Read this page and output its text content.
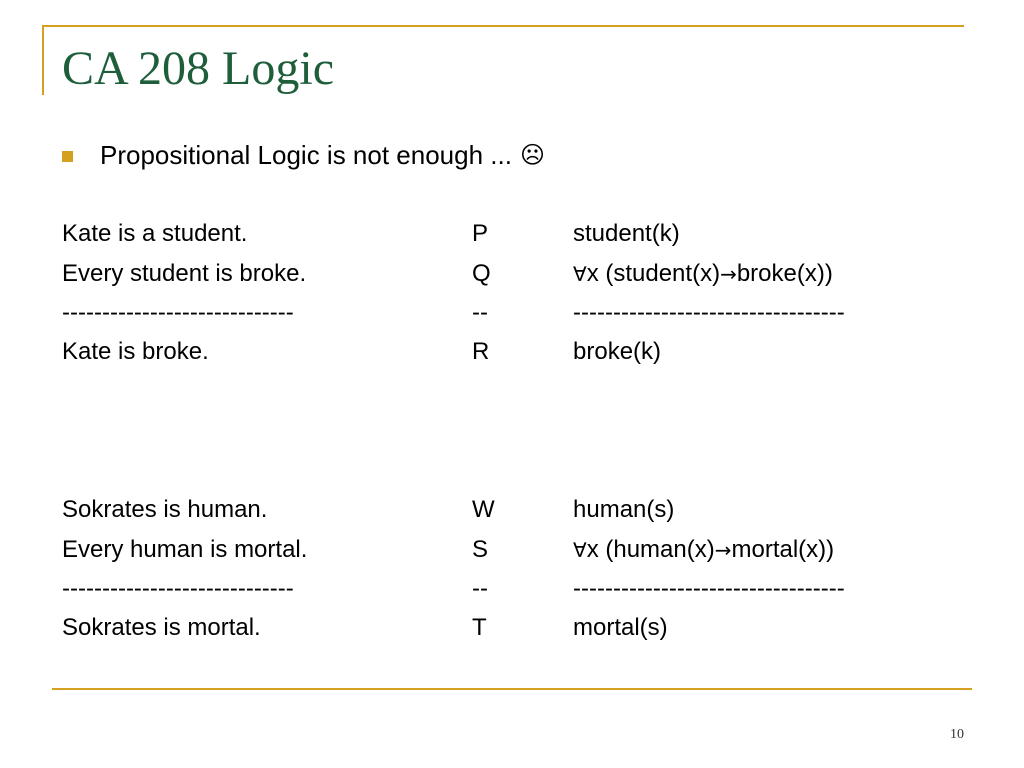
CA 208 Logic
Propositional Logic is not enough ... ☹
Kate is a student.	P	student(k)
Every student is broke.	Q	∀x (student(x)→broke(x))
-----------------------------	--	----------------------------------
Kate is broke.	R	broke(k)
Sokrates is human.	W	human(s)
Every human is mortal.	S	∀x (human(x)→mortal(x))
-----------------------------	--	----------------------------------
Sokrates is mortal.	T	mortal(s)
10
